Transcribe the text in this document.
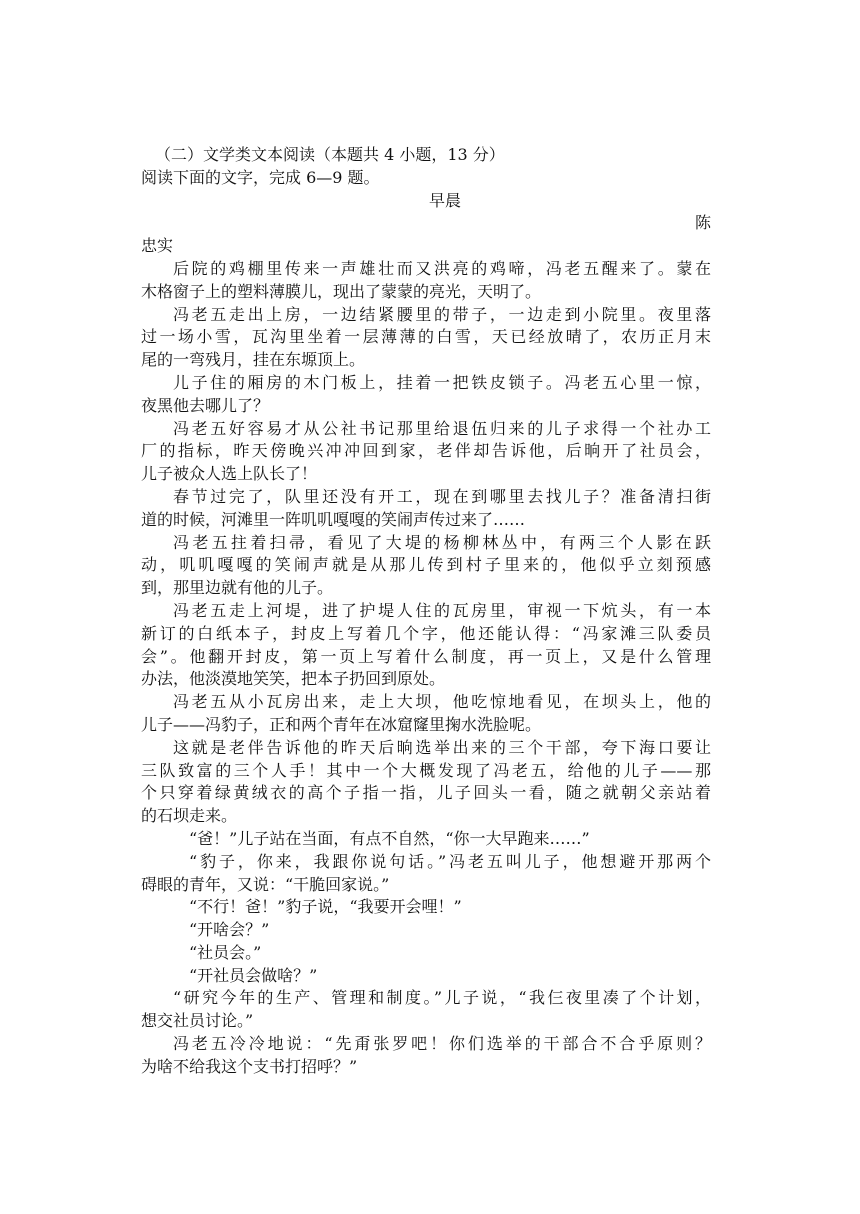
（二）文学类文本阅读（本题共 4 小题，13 分）
阅读下面的文字，完成 6—9 题。
早晨
陈
忠实
后院的鸡棚里传来一声雄壮而又洪亮的鸡啼，冯老五醒来了。蒙在
木格窗子上的塑料薄膜儿，现出了蒙蒙的亮光，天明了。
冯老五走出上房，一边结紧腰里的带子，一边走到小院里。夜里落
过一场小雪，瓦沟里坐着一层薄薄的白雪，天已经放晴了，农历正月末
尾的一弯残月，挂在东塬顶上。
儿子住的厢房的木门板上，挂着一把铁皮锁子。冯老五心里一惊，
夜黑他去哪儿了？
冯老五好容易才从公社书记那里给退伍归来的儿子求得一个社办工
厂的指标，昨天傍晚兴冲冲回到家，老伴却告诉他，后晌开了社员会，
儿子被众人选上队长了！
春节过完了，队里还没有开工，现在到哪里去找儿子？准备清扫街
道的时候，河滩里一阵叽叽嘎嘎的笑闹声传过来了……
冯老五拄着扫帚，看见了大堤的杨柳林丛中，有两三个人影在跃
动，叽叽嘎嘎的笑闹声就是从那儿传到村子里来的，他似乎立刻预感
到，那里边就有他的儿子。
冯老五走上河堤，进了护堤人住的瓦房里，审视一下炕头，有一本
新订的白纸本子，封皮上写着几个字，他还能认得：“冯家滩三队委员
会”。他翻开封皮，第一页上写着什么制度，再一页上，又是什么管理
办法，他淡漠地笑笑，把本子扔回到原处。
冯老五从小瓦房出来，走上大坝，他吃惊地看见，在坝头上，他的
儿子——冯豹子，正和两个青年在冰窟窿里掬水洗脸呢。
这就是老伴告诉他的昨天后晌选举出来的三个干部，夸下海口要让
三队致富的三个人手！其中一个大概发现了冯老五，给他的儿子——那
个只穿着绿黄绒衣的高个子指一指，儿子回头一看，随之就朝父亲站着
的石坝走来。
“爸！”儿子站在当面，有点不自然，“你一大早跑来……”
“豹子，你来，我跟你说句话。”冯老五叫儿子，他想避开那两个
碍眼的青年，又说：“干脆回家说。”
“不行！爸！”豹子说，“我要开会哩！”
“开啥会？”
“社员会。”
“开社员会做啥？”
“研究今年的生产、管理和制度。”儿子说，“我仨夜里凑了个计划，
想交社员讨论。”
冯老五冷冷地说：“先甭张罗吧！你们选举的干部合不合乎原则？
为啥不给我这个支书打招呼？”
